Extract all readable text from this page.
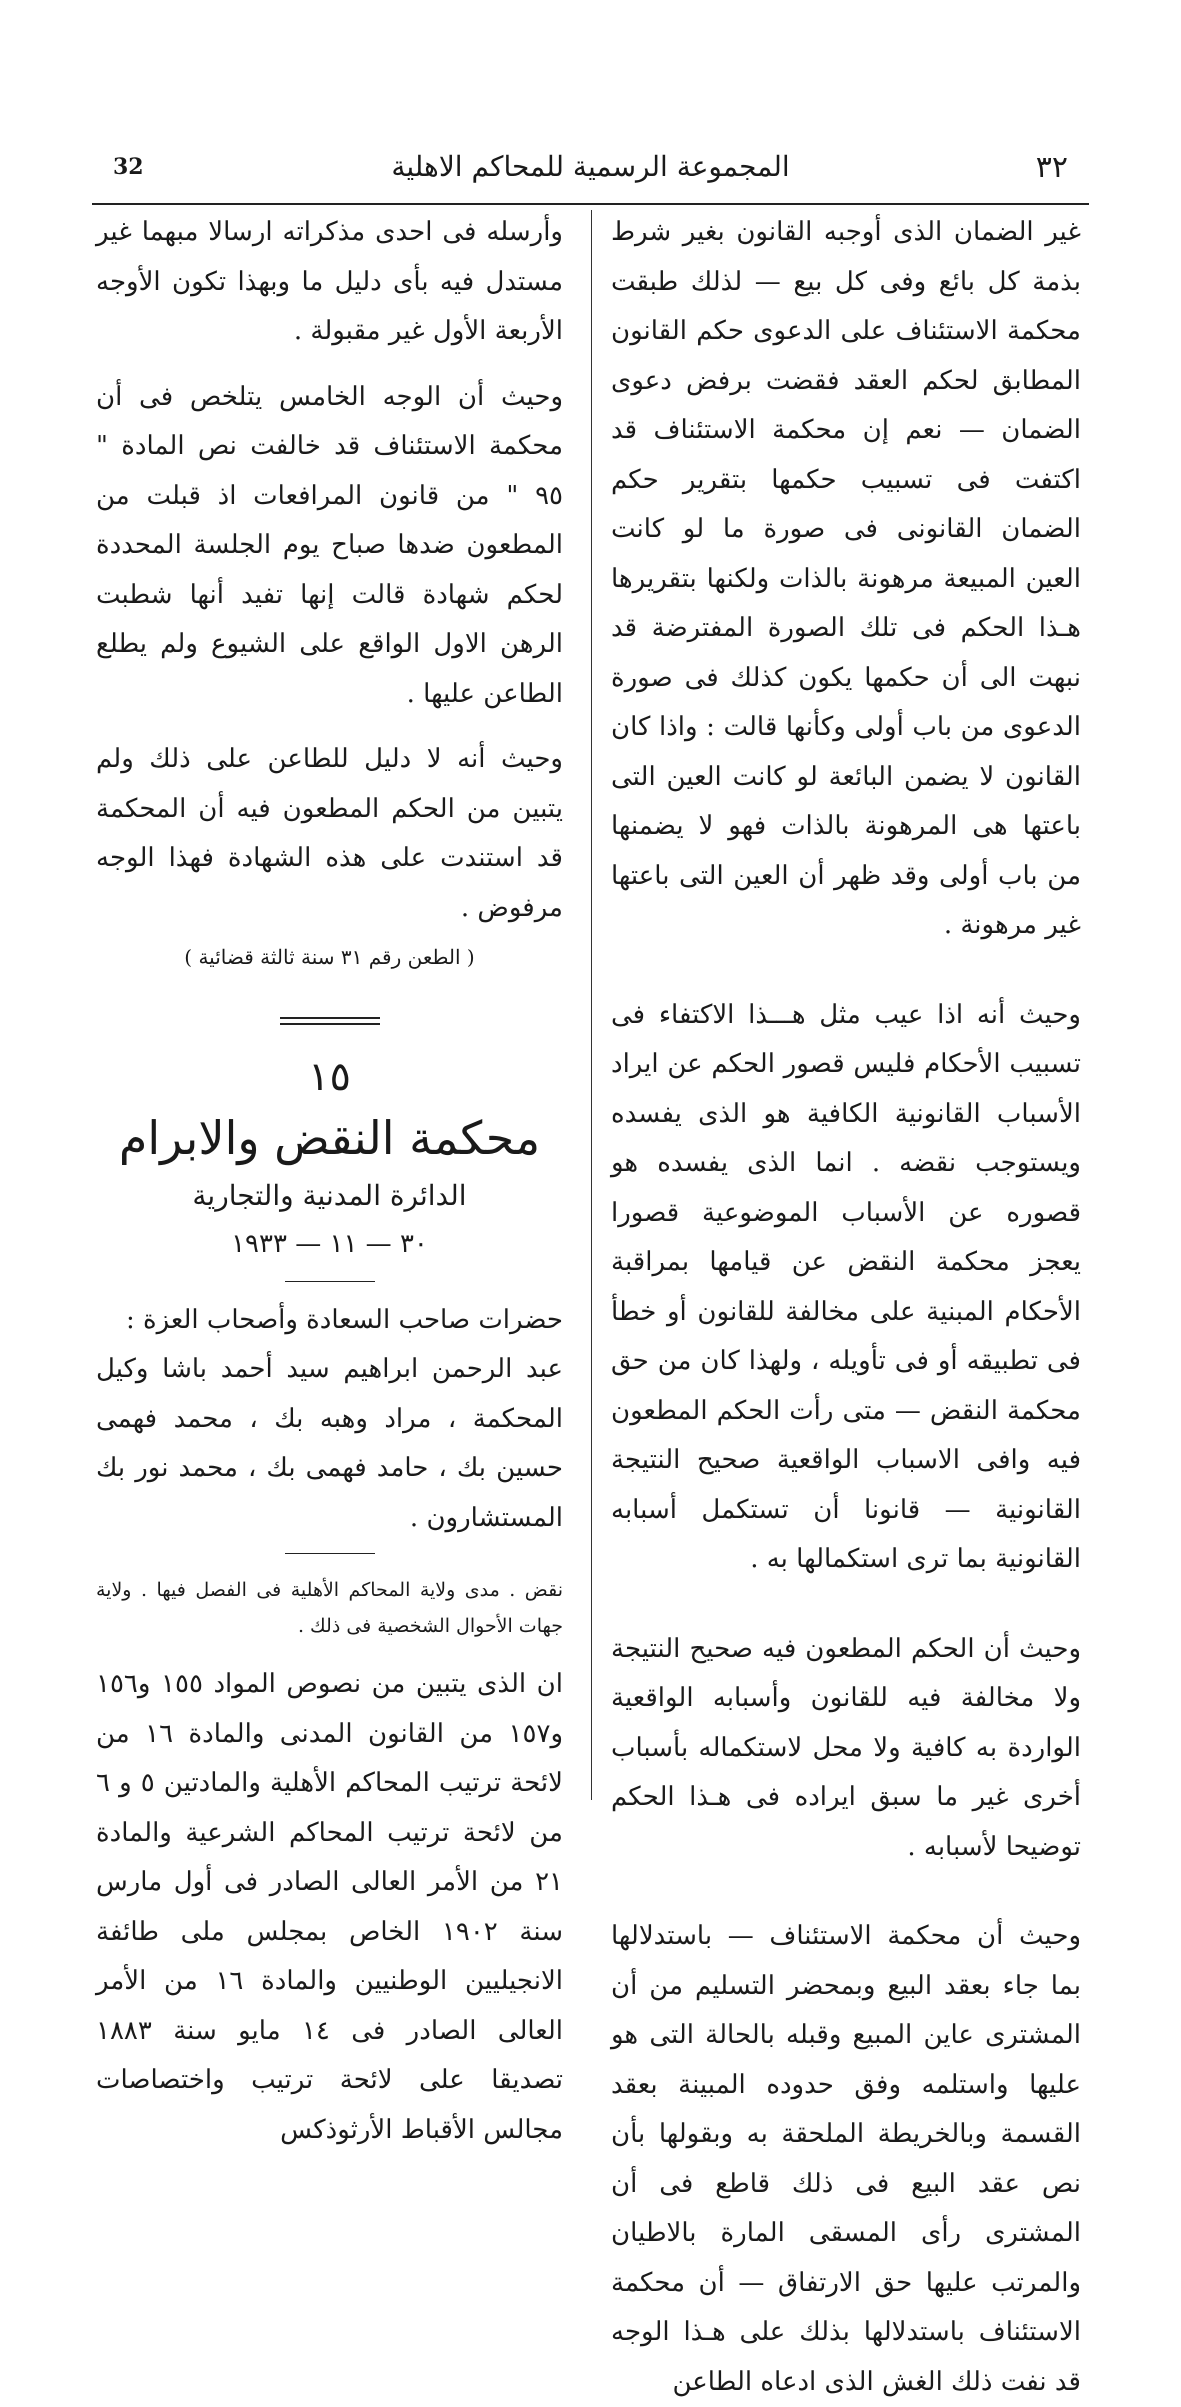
32	المجموعة الرسمية للمحاكم الاهلية	٣٢

غير الضمان الذى أوجبه القانون بغير شرط بذمة كل بائع وفى كل بيع — لذلك طبقت محكمة الاستئناف على الدعوى حكم القانون المطابق لحكم العقد فقضت برفض دعوى الضمان — نعم إن محكمة الاستئناف قد اكتفت فى تسبيب حكمها بتقرير حكم الضمان القانونى فى صورة ما لو كانت العين المبيعة مرهونة بالذات ولكنها بتقريرها هـذا الحكم فى تلك الصورة المفترضة قد نبهت الى أن حكمها يكون كذلك فى صورة الدعوى من باب أولى وكأنها قالت : واذا كان القانون لا يضمن البائعة لو كانت العين التى باعتها هى المرهونة بالذات فهو لا يضمنها من باب أولى وقد ظهر أن العين التى باعتها غير مرهونة .

وحيث أنه اذا عيب مثل هـــذا الاكتفاء فى تسبيب الأحكام فليس قصور الحكم عن ايراد الأسباب القانونية الكافية هو الذى يفسده ويستوجب نقضه . انما الذى يفسده هو قصوره عن الأسباب الموضوعية قصورا يعجز محكمة النقض عن قيامها بمراقبة الأحكام المبنية على مخالفة للقانون أو خطأ فى تطبيقه أو فى تأويله ، ولهذا كان من حق محكمة النقض — متى رأت الحكم المطعون فيه وافى الاسباب الواقعية صحيح النتيجة القانونية — قانونا أن تستكمل أسبابه القانونية بما ترى استكمالها به .

وحيث أن الحكم المطعون فيه صحيح النتيجة ولا مخالفة فيه للقانون وأسبابه الواقعية الواردة به كافية ولا محل لاستكماله بأسباب أخرى غير ما سبق ايراده فى هـذا الحكم توضيحا لأسبابه .

وحيث أن محكمة الاستئناف — باستدلالها بما جاء بعقد البيع وبمحضر التسليم من أن المشترى عاين المبيع وقبله بالحالة التى هو عليها واستلمه وفق حدوده المبينة بعقد القسمة وبالخريطة الملحقة به وبقولها بأن نص عقد البيع فى ذلك قاطع فى أن المشترى رأى المسقى المارة بالاطيان والمرتب عليها حق الارتفاق — أن محكمة الاستئناف باستدلالها بذلك على هـذا الوجه قد نفت ذلك الغش الذى ادعاه الطاعن

وأرسله فى احدى مذكراته ارسالا مبهما غير مستدل فيه بأى دليل ما وبهذا تكون الأوجه الأربعة الأول غير مقبولة .

وحيث أن الوجه الخامس يتلخص فى أن محكمة الاستئناف قد خالفت نص المادة " ٩٥ " من قانون المرافعات اذ قبلت من المطعون ضدها صباح يوم الجلسة المحددة لحكم شهادة قالت إنها تفيد أنها شطبت الرهن الاول الواقع على الشيوع ولم يطلع الطاعن عليها .

وحيث أنه لا دليل للطاعن على ذلك ولم يتبين من الحكم المطعون فيه أن المحكمة قد استندت على هذه الشهادة فهذا الوجه مرفوض .

( الطعن رقم ٣١ سنة ثالثة قضائية )

١٥
محكمة النقض والابرام
الدائرة المدنية والتجارية
٣٠ — ١١ — ١٩٣٣

حضرات صاحب السعادة وأصحاب العزة :

عبد الرحمن ابراهيم سيد أحمد باشا وكيل المحكمة ، مراد وهبه بك ، محمد فهمى حسين بك ، حامد فهمى بك ، محمد نور بك المستشارون .

نقض . مدى ولاية المحاكم الأهلية فى الفصل فيها . ولاية جهات الأحوال الشخصية فى ذلك .

ان الذى يتبين من نصوص المواد ١٥٥ و١٥٦ و١٥٧ من القانون المدنى والمادة ١٦ من لائحة ترتيب المحاكم الأهلية والمادتين ٥ و ٦ من لائحة ترتيب المحاكم الشرعية والمادة ٢١ من الأمر العالى الصادر فى أول مارس سنة ١٩٠٢ الخاص بمجلس ملى طائفة الانجيليين الوطنيين والمادة ١٦ من الأمر العالى الصادر فى ١٤ مايو سنة ١٨٨٣ تصديقا على لائحة ترتيب واختصاصات مجالس الأقباط الأرثوذكس
